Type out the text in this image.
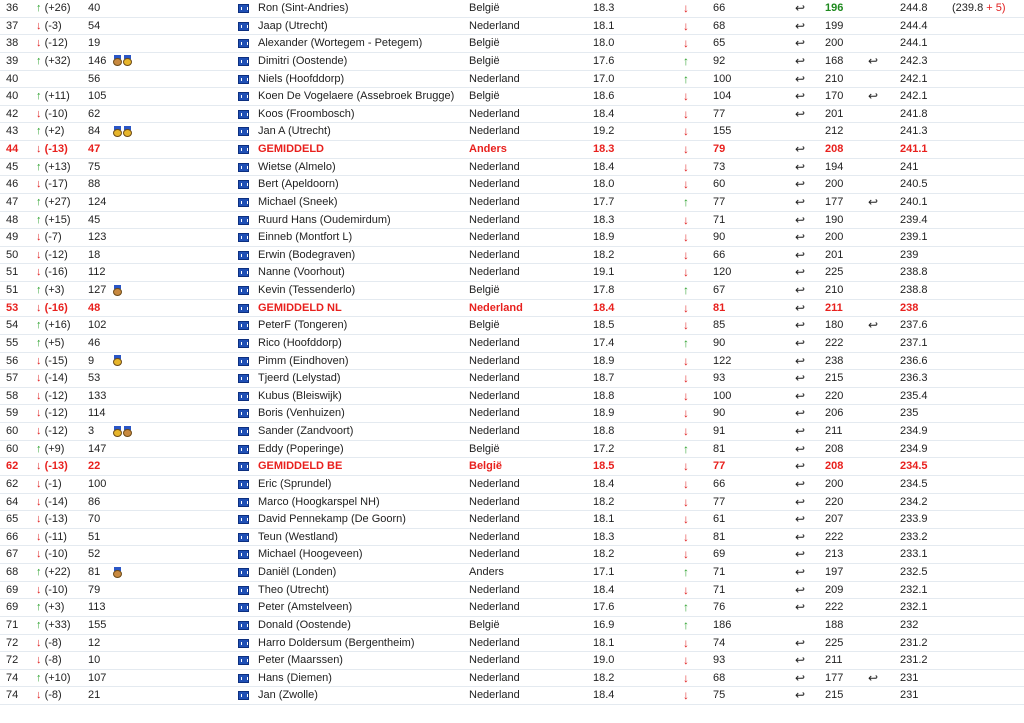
36 ↑ (+26) 40	Ron (Sint-Andries)	België	18.3	↓ 66	↩ 196	244.8 (239.8 + 5)
37 ↓ (-3) 54	Jaap (Utrecht)	Nederland	18.1	↓ 68	↩ 199	244.4
38 ↓ (-12) 19	Alexander (Wortegem - Petegem)	België	18.0	↓ 65	↩ 200	244.1
39 ↑ (+32) 146	Dimitri (Oostende)	België	17.6	↑ 92	↩ 168 ↩ 242.3
40	56	Niels (Hoofddorp)	Nederland	17.0	↑ 100	↩ 210	242.1
40 ↑ (+11) 105	Koen De Vogelaere (Assebroek Brugge) België	18.6	↓ 104	↩ 170 ↩ 242.1
42 ↓ (-10) 62	Koos (Froombosch)	Nederland	18.4	↓ 77	↩ 201	241.8
43 ↑ (+2) 84	Jan A (Utrecht)	Nederland	19.2	↓ 155	212	241.3
44 ↓ (-13) 47	GEMIDDELD	Anders	18.3	↓ 79	↩ 208	241.1
45 ↑ (+13) 75	Wietse (Almelo)	Nederland	18.4	↓ 73	↩ 194	241
46 ↓ (-17) 88	Bert (Apeldoorn)	Nederland	18.0	↓ 60	↩ 200	240.5
47 ↑ (+27) 124	Michael (Sneek)	Nederland	17.7	↑ 77	↩ 177 ↩ 240.1
48 ↑ (+15) 45	Ruurd Hans (Oudemirdum)	Nederland	18.3	↓ 71	↩ 190	239.4
49 ↓ (-7) 123	Einneb (Montfort L)	Nederland	18.9	↓ 90	↩ 200	239.1
50 ↓ (-12) 18	Erwin (Bodegraven)	Nederland	18.2	↓ 66	↩ 201	239
51 ↓ (-16) 112	Nanne (Voorhout)	Nederland	19.1	↓ 120	↩ 225	238.8
51 ↑ (+3) 127	Kevin (Tessenderlo)	België	17.8	↑ 67	↩ 210	238.8
53 ↓ (-16) 48	GEMIDDELD NL	Nederland	18.4	↓ 81	↩ 211	238
54 ↑ (+16) 102	PeterF (Tongeren)	België	18.5	↓ 85	↩ 180 ↩ 237.6
55 ↑ (+5) 46	Rico (Hoofddorp)	Nederland	17.4	↑ 90	↩ 222	237.1
56 ↓ (-15) 9	Pimm (Eindhoven)	Nederland	18.9	↓ 122	↩ 238	236.6
57 ↓ (-14) 53	Tjeerd (Lelystad)	Nederland	18.7	↓ 93	↩ 215	236.3
58 ↓ (-12) 133	Kubus (Bleiswijk)	Nederland	18.8	↓ 100	↩ 220	235.4
59 ↓ (-12) 114	Boris (Venhuizen)	Nederland	18.9	↓ 90	↩ 206	235
60 ↓ (-12) 3	Sander (Zandvoort)	Nederland	18.8	↓ 91	↩ 211	234.9
60 ↑ (+9) 147	Eddy (Poperinge)	België	17.2	↑ 81	↩ 208	234.9
62 ↓ (-13) 22	GEMIDDELD BE	België	18.5	↓ 77	↩ 208	234.5
62 ↓ (-1) 100	Eric (Sprundel)	Nederland	18.4	↓ 66	↩ 200	234.5
64 ↓ (-14) 86	Marco (Hoogkarspel NH)	Nederland	18.2	↓ 77	↩ 220	234.2
65 ↓ (-13) 70	David Pennekamp (De Goorn)	Nederland	18.1	↓ 61	↩ 207	233.9
66 ↓ (-11) 51	Teun (Westland)	Nederland	18.3	↓ 81	↩ 222	233.2
67 ↓ (-10) 52	Michael (Hoogeveen)	Nederland	18.2	↓ 69	↩ 213	233.1
68 ↑ (+22) 81	Daniël (Londen)	Anders	17.1	↑ 71	↩ 197	232.5
69 ↓ (-10) 79	Theo (Utrecht)	Nederland	18.4	↓ 71	↩ 209	232.1
69 ↑ (+3) 113	Peter (Amstelveen)	Nederland	17.6	↑ 76	↩ 222	232.1
71 ↑ (+33) 155	Donald (Oostende)	België	16.9	↑ 186	188	232
72 ↓ (-8) 12	Harro Doldersum (Bergentheim)	Nederland	18.1	↓ 74	↩ 225	231.2
72 ↓ (-8) 10	Peter (Maarssen)	Nederland	19.0	↓ 93	↩ 211	231.2
74 ↑ (+10) 107	Hans (Diemen)	Nederland	18.2	↓ 68	↩ 177 ↩ 231
74 ↓ (-8) 21	Jan (Zwolle)	Nederland	18.4	↓ 75	↩ 215	231
